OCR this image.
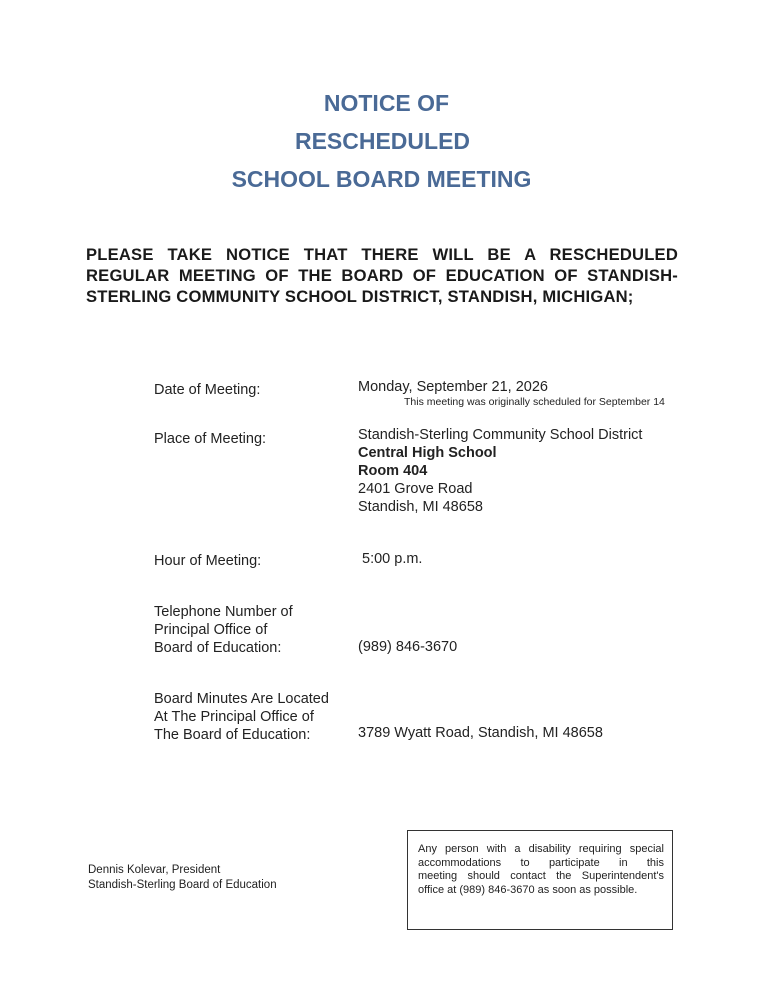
NOTICE OF
RESCHEDULED
SCHOOL BOARD MEETING
PLEASE TAKE NOTICE THAT THERE WILL BE A RESCHEDULED
REGULAR MEETING OF THE BOARD OF EDUCATION OF STANDISH-
STERLING COMMUNITY SCHOOL DISTRICT, STANDISH, MICHIGAN;
Date of Meeting:	Monday, September 21, 2026
This meeting was originally scheduled for September 14
Place of Meeting:	Standish-Sterling Community School District
Central High School
Room 404
2401 Grove Road
Standish, MI 48658
Hour of Meeting:	5:00 p.m.
Telephone Number of
Principal Office of
Board of Education:	(989) 846-3670
Board Minutes Are Located
At The Principal Office of
The Board of Education:	3789 Wyatt Road, Standish, MI 48658
Dennis Kolevar, President
Standish-Sterling Board of Education
Any person with a disability requiring special
accommodations to participate in this
meeting should contact the Superintendent's
office at (989) 846-3670 as soon as possible.
